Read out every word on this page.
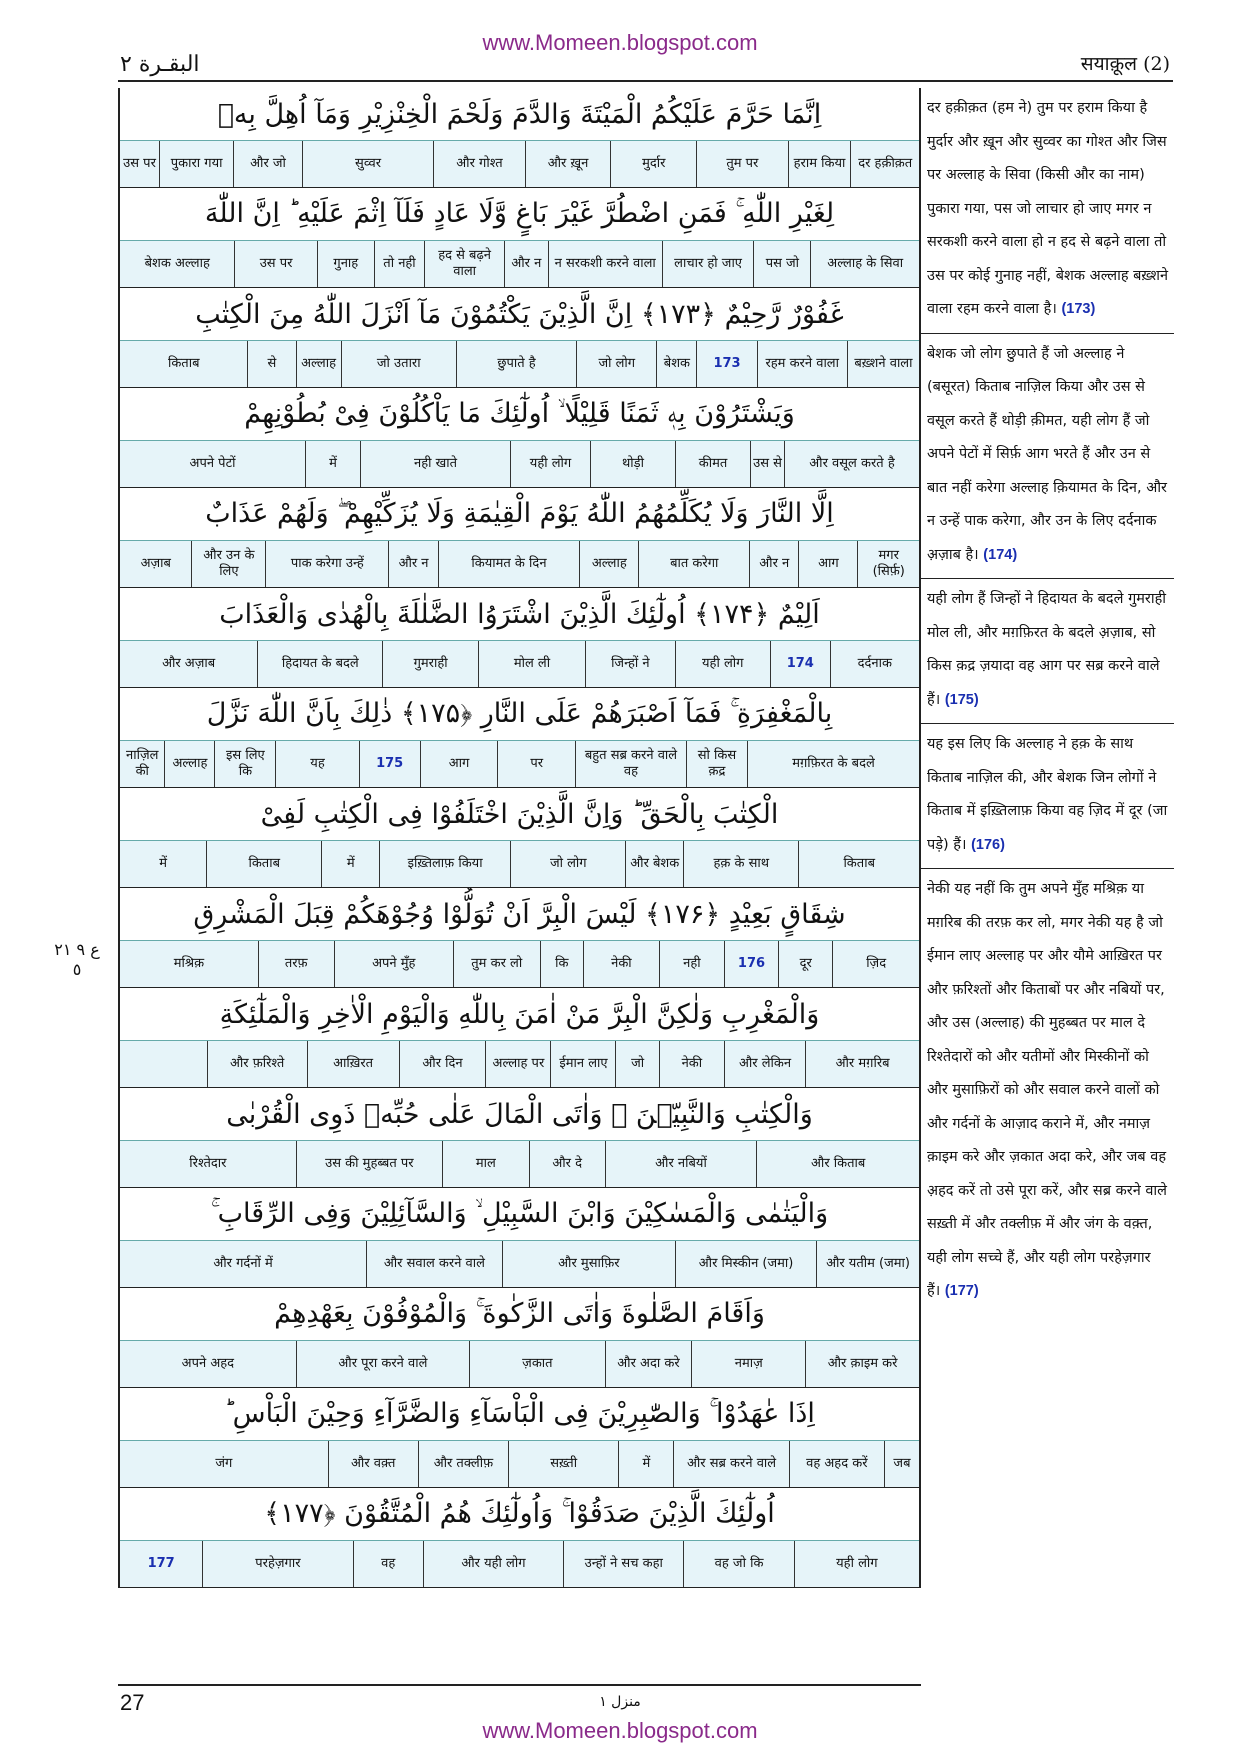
www.Momeen.blogspot.com
البقـرة ٢	सयाक़ूल (2)
اِنَّمَا حَرَّمَ عَلَيْكُمُ الْمَيْتَةَ وَالدَّمَ وَلَحْمَ الْخِنْزِيْرِ وَمَآ اُهِلَّ بِهٖ
दर हक़ीक़त
हराम किया
तुम पर
मुर्दार
और ख़ून
और गोश्त
सुव्वर
और जो
पुकारा गया
उस पर
لِغَيْرِ اللّٰهِ ۚ فَمَنِ اضْطُرَّ غَيْرَ بَاغٍ وَّلَا عَادٍ فَلَآ اِثْمَ عَلَيْهِ ؕ اِنَّ اللّٰهَ
अल्लाह के सिवा
पस जो
लाचार हो जाए
न सरकशी करने वाला
और न
हद से बढ़ने वाला
तो नही
गुनाह
उस पर
बेशक अल्लाह
غَفُوْرٌ رَّحِيْمٌ ﴿۱۷۳﴾ اِنَّ الَّذِيْنَ يَكْتُمُوْنَ مَآ اَنْزَلَ اللّٰهُ مِنَ الْكِتٰبِ
बख़्शने वाला
रहम करने वाला
173
बेशक
जो लोग
छुपाते है
जो उतारा
अल्लाह
से
किताब
وَيَشْتَرُوْنَ بِهٖ ثَمَنًا قَلِيْلًا ۙ اُولٰٓئِكَ مَا يَاْكُلُوْنَ فِىْ بُطُوْنِهِمْ
और वसूल करते है
उस से
कीमत
थोड़ी
यही लोग
नही खाते
में
अपने पेटों
اِلَّا النَّارَ وَلَا يُكَلِّمُهُمُ اللّٰهُ يَوْمَ الْقِيٰمَةِ وَلَا يُزَكِّيْهِمْ ۖ وَلَهُمْ عَذَابٌ
मगर (सिर्फ़)
आग
और न
बात करेगा
अल्लाह
कियामत के दिन
और न
पाक करेगा उन्हें
और उन के लिए
अज़ाब
اَلِيْمٌ ﴿۱۷۴﴾ اُولٰٓئِكَ الَّذِيْنَ اشْتَرَوُا الضَّلٰلَةَ بِالْهُدٰى وَالْعَذَابَ
दर्दनाक
174
यही लोग
जिन्हों ने
मोल ली
गुमराही
हिदायत के बदले
और अज़ाब
بِالْمَغْفِرَةِ ۚ فَمَآ اَصْبَرَهُمْ عَلَى النَّارِ ﴿۱۷۵﴾ ذٰلِكَ بِاَنَّ اللّٰهَ نَزَّلَ
मग़फ़िरत के बदले
सो किस क़द्र
बहुत सब्र करने वाले वह
पर
आग
175
यह
इस लिए कि
अल्लाह
नाज़िल की
الْكِتٰبَ بِالْحَقِّ ؕ وَاِنَّ الَّذِيْنَ اخْتَلَفُوْا فِى الْكِتٰبِ لَفِىْ
किताब
हक़ के साथ
और बेशक
जो लोग
इख़्तिलाफ़ किया
में
किताब
में
شِقَاقٍ بَعِيْدٍ ﴿۱۷۶﴾ لَيْسَ الْبِرَّ اَنْ تُوَلُّوْا وُجُوْهَكُمْ قِبَلَ الْمَشْرِقِ
ज़िद
दूर
176
नही
नेकी
कि
तुम कर लो
अपने मुँह
तरफ़
मश्रिक़
وَالْمَغْرِبِ وَلٰكِنَّ الْبِرَّ مَنْ اٰمَنَ بِاللّٰهِ وَالْيَوْمِ الْاٰخِرِ وَالْمَلٰٓئِكَةِ
और मग़रिब
और लेकिन
नेकी
जो
ईमान लाए
अल्लाह पर
और दिन
आख़िरत
और फ़रिश्ते
وَالْكِتٰبِ وَالنَّبِيّٖنَ ۚ وَاٰتَى الْمَالَ عَلٰى حُبِّهٖ ذَوِى الْقُرْبٰى
और किताब
और नबियों
और दे
माल
उस की मुहब्बत पर
रिश्तेदार
وَالْيَتٰمٰى وَالْمَسٰكِيْنَ وَابْنَ السَّبِيْلِ ۙ وَالسَّآئِلِيْنَ وَفِى الرِّقَابِ ۚ
और यतीम (जमा)
और मिस्कीन (जमा)
और मुसाफ़िर
और सवाल करने वाले
और गर्दनों में
وَاَقَامَ الصَّلٰوةَ وَاٰتَى الزَّكٰوةَ ۚ وَالْمُوْفُوْنَ بِعَهْدِهِمْ
और क़ाइम करे
नमाज़
और अदा करे
ज़कात
और पूरा करने वाले
अपने अहद
اِذَا عٰهَدُوْا ۚ وَالصّٰبِرِيْنَ فِى الْبَاْسَآءِ وَالضَّرَّآءِ وَحِيْنَ الْبَاْسِ ؕ
जब
वह अहद करें
और सब्र करने वाले
में
सख़्ती
और तक्लीफ़
और वक़्त
जंग
اُولٰٓئِكَ الَّذِيْنَ صَدَقُوْا ۚ وَاُولٰٓئِكَ هُمُ الْمُتَّقُوْنَ ﴿۱۷۷﴾
यही लोग
वह जो कि
उन्हों ने सच कहा
और यही लोग
वह
परहेज़गार
177
दर हक़ीक़त (हम ने) तुम पर हराम किया है मुर्दार और ख़ून और सुव्वर का गोश्त और जिस पर अल्लाह के सिवा (किसी और का नाम) पुकारा गया, पस जो लाचार हो जाए मगर न सरकशी करने वाला हो न हद से बढ़ने वाला तो उस पर कोई गुनाह नहीं, बेशक अल्लाह बख़्शने वाला रहम करने वाला है। (173)
बेशक जो लोग छुपाते हैं जो अल्लाह ने (बसूरत) किताब नाज़िल किया और उस से वसूल करते हैं थोड़ी क़ीमत, यही लोग हैं जो अपने पेटों में सिर्फ़ आग भरते हैं और उन से बात नहीं करेगा अल्लाह क़ियामत के दिन, और न उन्हें पाक करेगा, और उन के लिए दर्दनाक अ़ज़ाब है। (174)
यही लोग हैं जिन्हों ने हिदायत के बदले गुमराही मोल ली, और मग़फ़िरत के बदले अ़ज़ाब, सो किस क़द्र ज़यादा वह आग पर सब्र करने वाले हैं। (175)
यह इस लिए कि अल्लाह ने हक़ के साथ किताब नाज़िल की, और बेशक जिन लोगों ने किताब में इख़्तिलाफ़ किया वह ज़िद में दूर (जा पड़े) हैं। (176)
नेकी यह नहीं कि तुम अपने मुँह मश्रिक़ या मग़रिब की तरफ़ कर लो, मगर नेकी यह है जो ईमान लाए अल्लाह पर और यौमे आख़िरत पर और फ़रिश्तों और किताबों पर और नबियों पर, और उस (अल्लाह) की मुहब्बत पर माल दे रिश्तेदारों को और यतीमों और मिस्कीनों को और मुसाफ़िरों को और सवाल करने वालों को और गर्दनों के आज़ाद कराने में, और नमाज़ क़ाइम करे और ज़कात अदा करे, और जब वह अ़हद करें तो उसे पूरा करें, और सब्र करने वाले सख़्ती में और तक्लीफ़ में और जंग के वक़्त, यही लोग सच्चे हैं, और यही लोग परहेज़गार हैं। (177)
ع ۹ ٢١ ٥
27	منزل ١
www.Momeen.blogspot.com
